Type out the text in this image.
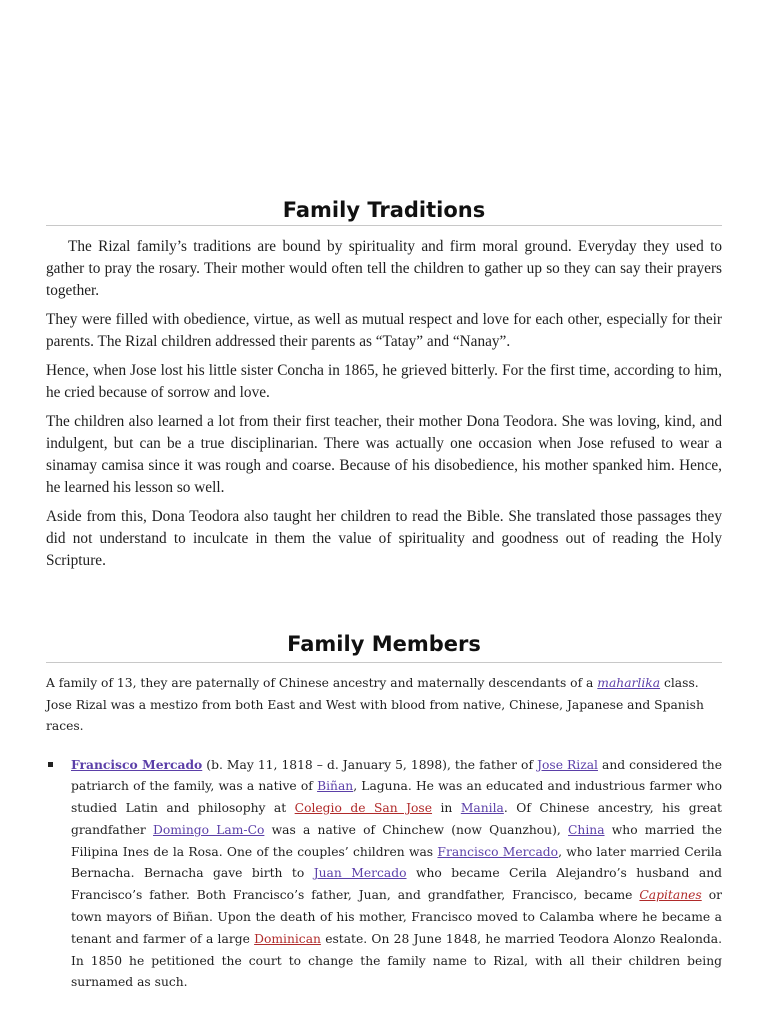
Family Traditions

The Rizal family’s traditions are bound by spirituality and firm moral ground. Everyday they used to gather to pray the rosary. Their mother would often tell the children to gather up so they can say their prayers together.

They were filled with obedience, virtue, as well as mutual respect and love for each other, especially for their parents. The Rizal children addressed their parents as “Tatay” and “Nanay”.

Hence, when Jose lost his little sister Concha in 1865, he grieved bitterly. For the first time, according to him, he cried because of sorrow and love.

The children also learned a lot from their first teacher, their mother Dona Teodora. She was loving, kind, and indulgent, but can be a true disciplinarian. There was actually one occasion when Jose refused to wear a sinamay camisa since it was rough and coarse. Because of his disobedience, his mother spanked him. Hence, he learned his lesson so well.

Aside from this, Dona Teodora also taught her children to read the Bible. She translated those passages they did not understand to inculcate in them the value of spirituality and goodness out of reading the Holy Scripture.

Family Members

A family of 13, they are paternally of Chinese ancestry and maternally descendants of a maharlika class. Jose Rizal was a mestizo from both East and West with blood from native, Chinese, Japanese and Spanish races.

Francisco Mercado (b. May 11, 1818 – d. January 5, 1898), the father of Jose Rizal and considered the patriarch of the family, was a native of Biñan, Laguna. He was an educated and industrious farmer who studied Latin and philosophy at Colegio de San Jose in Manila. Of Chinese ancestry, his great grandfather Domingo Lam-Co was a native of Chinchew (now Quanzhou), China who married the Filipina Ines de la Rosa. One of the couples’ children was Francisco Mercado, who later married Cerila Bernacha. Bernacha gave birth to Juan Mercado who became Cerila Alejandro’s husband and Francisco’s father. Both Francisco’s father, Juan, and grandfather, Francisco, became Capitanes or town mayors of Biñan. Upon the death of his mother, Francisco moved to Calamba where he became a tenant and farmer of a large Dominican estate. On 28 June 1848, he married Teodora Alonzo Realonda. In 1850 he petitioned the court to change the family name to Rizal, with all their children being surnamed as such.
